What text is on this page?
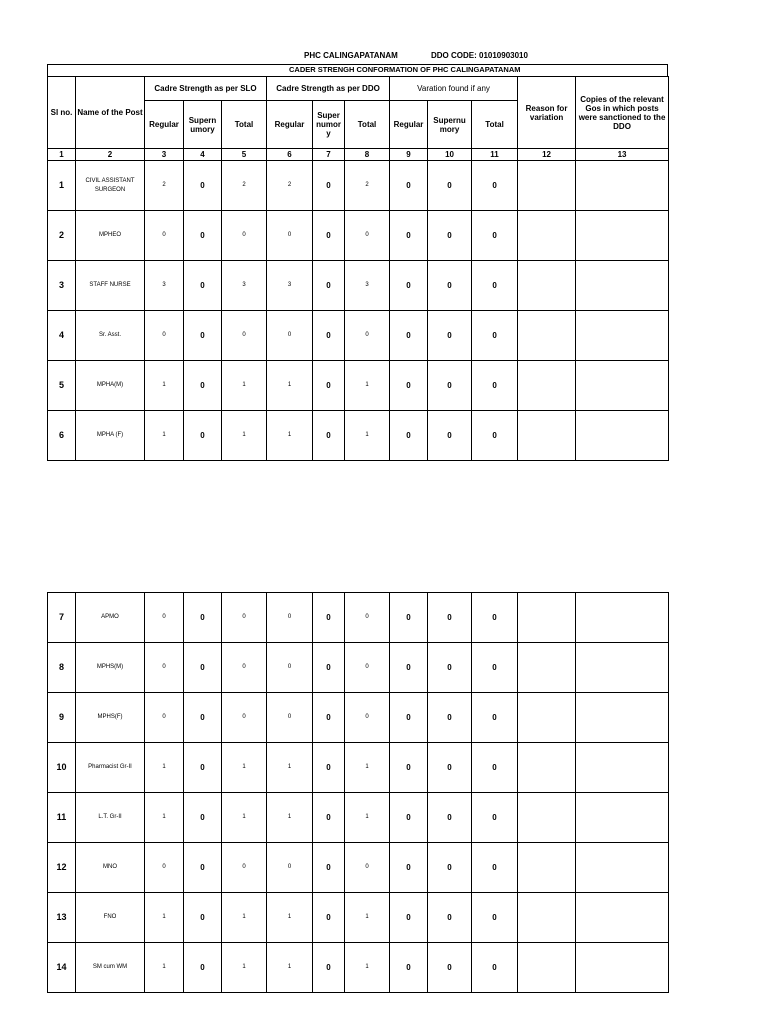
PHC CALINGAPATANAM	DDO CODE: 01010903010
CADER STRENGH CONFORMATION OF PHC CALINGAPATANAM
Sl no.	Name of the Post	Cadre Strength as per SLO			Cadre Strength as per DDO			Varation found if any			Reason for variation	Copies of the relevant Gos in which posts were sanctioned to the DDO
		Regular	Supern umory	Total	Regular	Super numor y	Total	Regular	Supernu mory	Total		
1	2	3	4	5	6	7	8	9	10	11	12	13
1	CIVIL ASSISTANT SURGEON	2	0	2	2	0	2	0	0	0		
2	MPHEO	0	0	0	0	0	0	0	0	0		
3	STAFF NURSE	3	0	3	3	0	3	0	0	0		
4	Sr. Asst.	0	0	0	0	0	0	0	0	0		
5	MPHA(M)	1	0	1	1	0	1	0	0	0		
6	MPHA (F)	1	0	1	1	0	1	0	0	0		
7	APMO	0	0	0	0	0	0	0	0	0		
8	MPHS(M)	0	0	0	0	0	0	0	0	0		
9	MPHS(F)	0	0	0	0	0	0	0	0	0		
10	Pharmacist Gr-II	1	0	1	1	0	1	0	0	0		
11	L.T. Gr-II	1	0	1	1	0	1	0	0	0		
12	MNO	0	0	0	0	0	0	0	0	0		
13	FNO	1	0	1	1	0	1	0	0	0		
14	SM cum WM	1	0	1	1	0	1	0	0	0		
